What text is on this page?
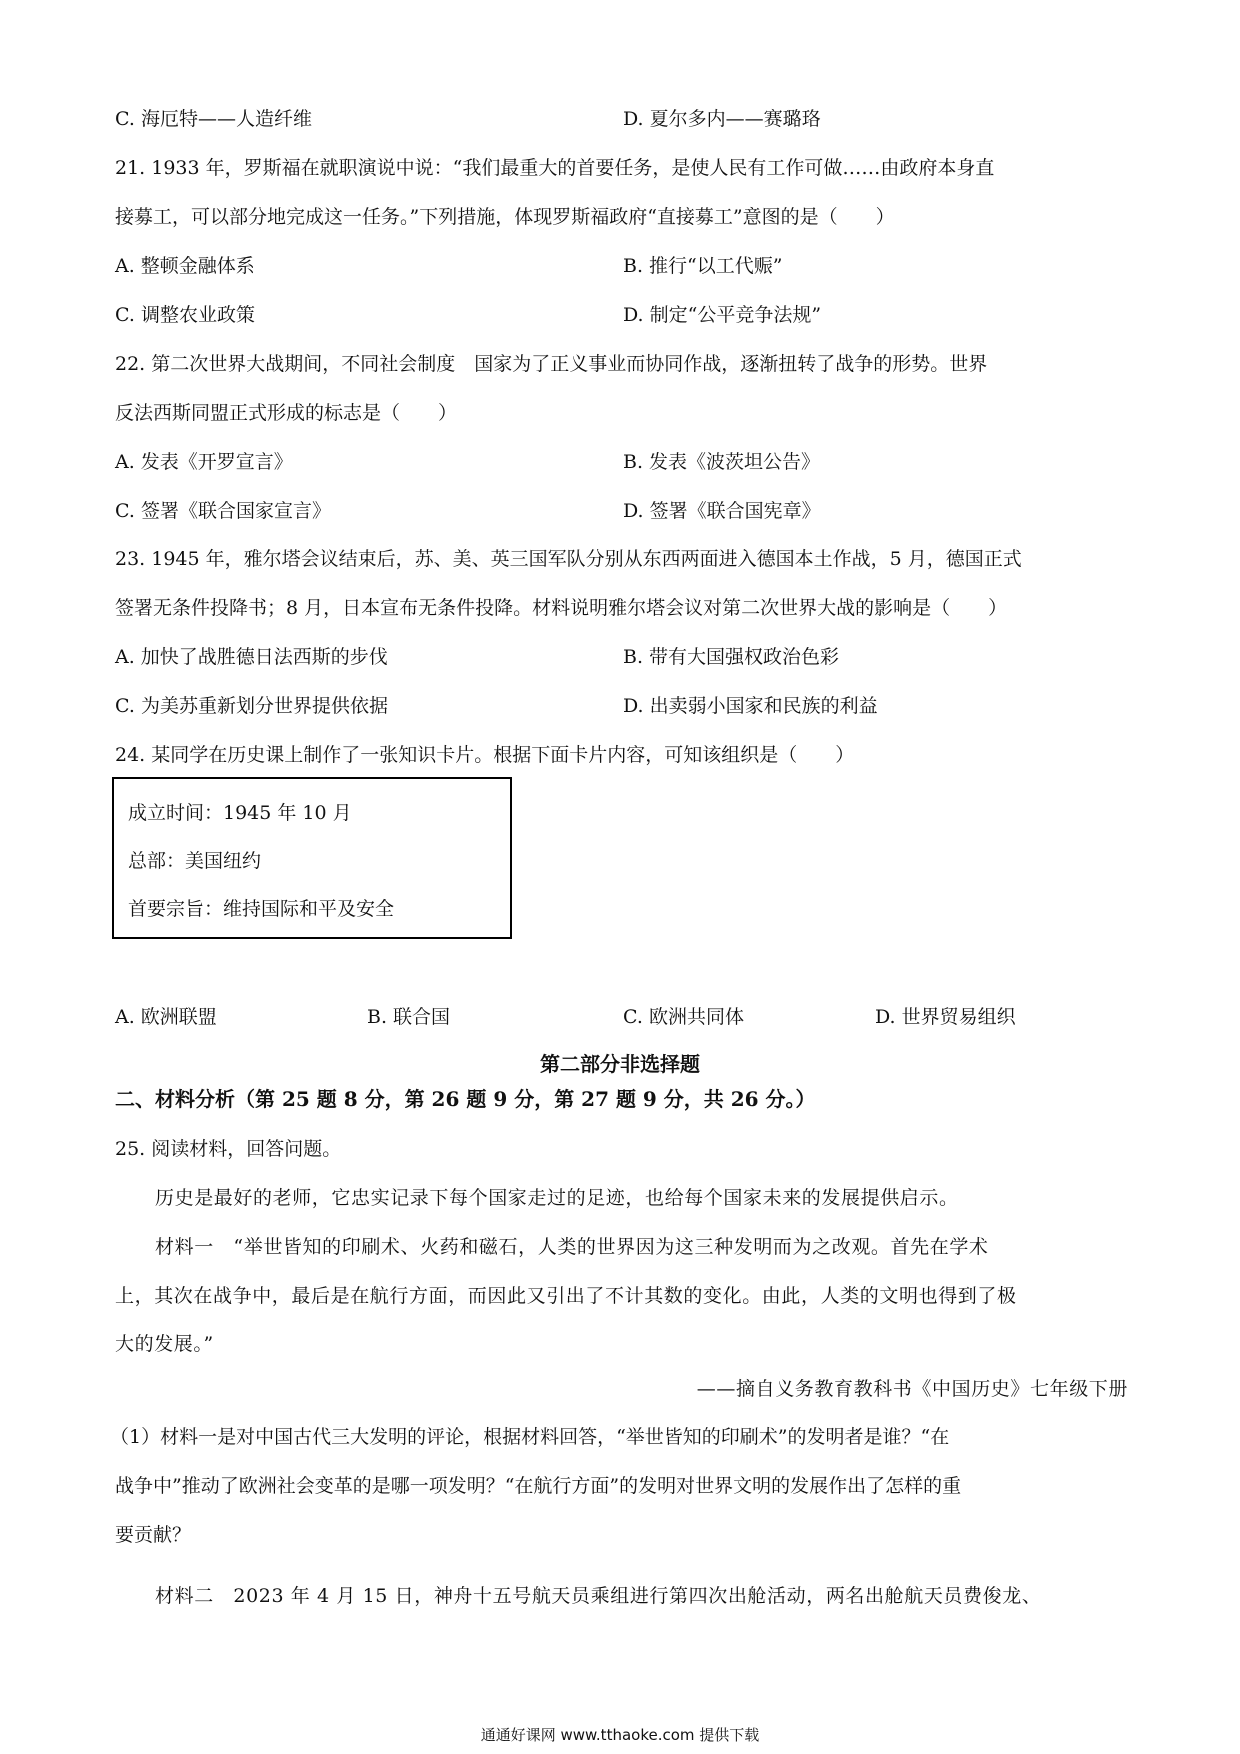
C. 海厄特——人造纤维	D. 夏尔多内——赛璐珞
21. 1933 年，罗斯福在就职演说中说：“我们最重大的首要任务，是使人民有工作可做……由政府本身直
接募工，可以部分地完成这一任务。”下列措施，体现罗斯福政府“直接募工”意图的是（　　）
A. 整顿金融体系	B. 推行“以工代赈”
C. 调整农业政策	D. 制定“公平竞争法规”
22. 第二次世界大战期间，不同社会制度　国家为了正义事业而协同作战，逐渐扭转了战争的形势。世界
反法西斯同盟正式形成的标志是（　　）
A. 发表《开罗宣言》	B. 发表《波茨坦公告》
C. 签署《联合国家宣言》	D. 签署《联合国宪章》
23. 1945 年，雅尔塔会议结束后，苏、美、英三国军队分别从东西两面进入德国本土作战，5 月，德国正式
签署无条件投降书；8 月，日本宣布无条件投降。材料说明雅尔塔会议对第二次世界大战的影响是（　　）
A. 加快了战胜德日法西斯的步伐	B. 带有大国强权政治色彩
C. 为美苏重新划分世界提供依据	D. 出卖弱小国家和民族的利益
24. 某同学在历史课上制作了一张知识卡片。根据下面卡片内容，可知该组织是（　　）
成立时间：1945 年 10 月
总部：美国纽约
首要宗旨：维持国际和平及安全
A. 欧洲联盟	B. 联合国	C. 欧洲共同体	D. 世界贸易组织
第二部分非选择题
二、材料分析（第 25 题 8 分，第 26 题 9 分，第 27 题 9 分，共 26 分。）
25. 阅读材料，回答问题。
历史是最好的老师，它忠实记录下每个国家走过的足迹，也给每个国家未来的发展提供启示。
材料一　“举世皆知的印刷术、火药和磁石，人类的世界因为这三种发明而为之改观。首先在学术
上，其次在战争中，最后是在航行方面，而因此又引出了不计其数的变化。由此，人类的文明也得到了极
大的发展。”
——摘自义务教育教科书《中国历史》七年级下册
（1）材料一是对中国古代三大发明的评论，根据材料回答，“举世皆知的印刷术”的发明者是谁？“在
战争中”推动了欧洲社会变革的是哪一项发明？“在航行方面”的发明对世界文明的发展作出了怎样的重
要贡献？
材料二　2023 年 4 月 15 日，神舟十五号航天员乘组进行第四次出舱活动，两名出舱航天员费俊龙、
通通好课网 www.tthaoke.com 提供下载
